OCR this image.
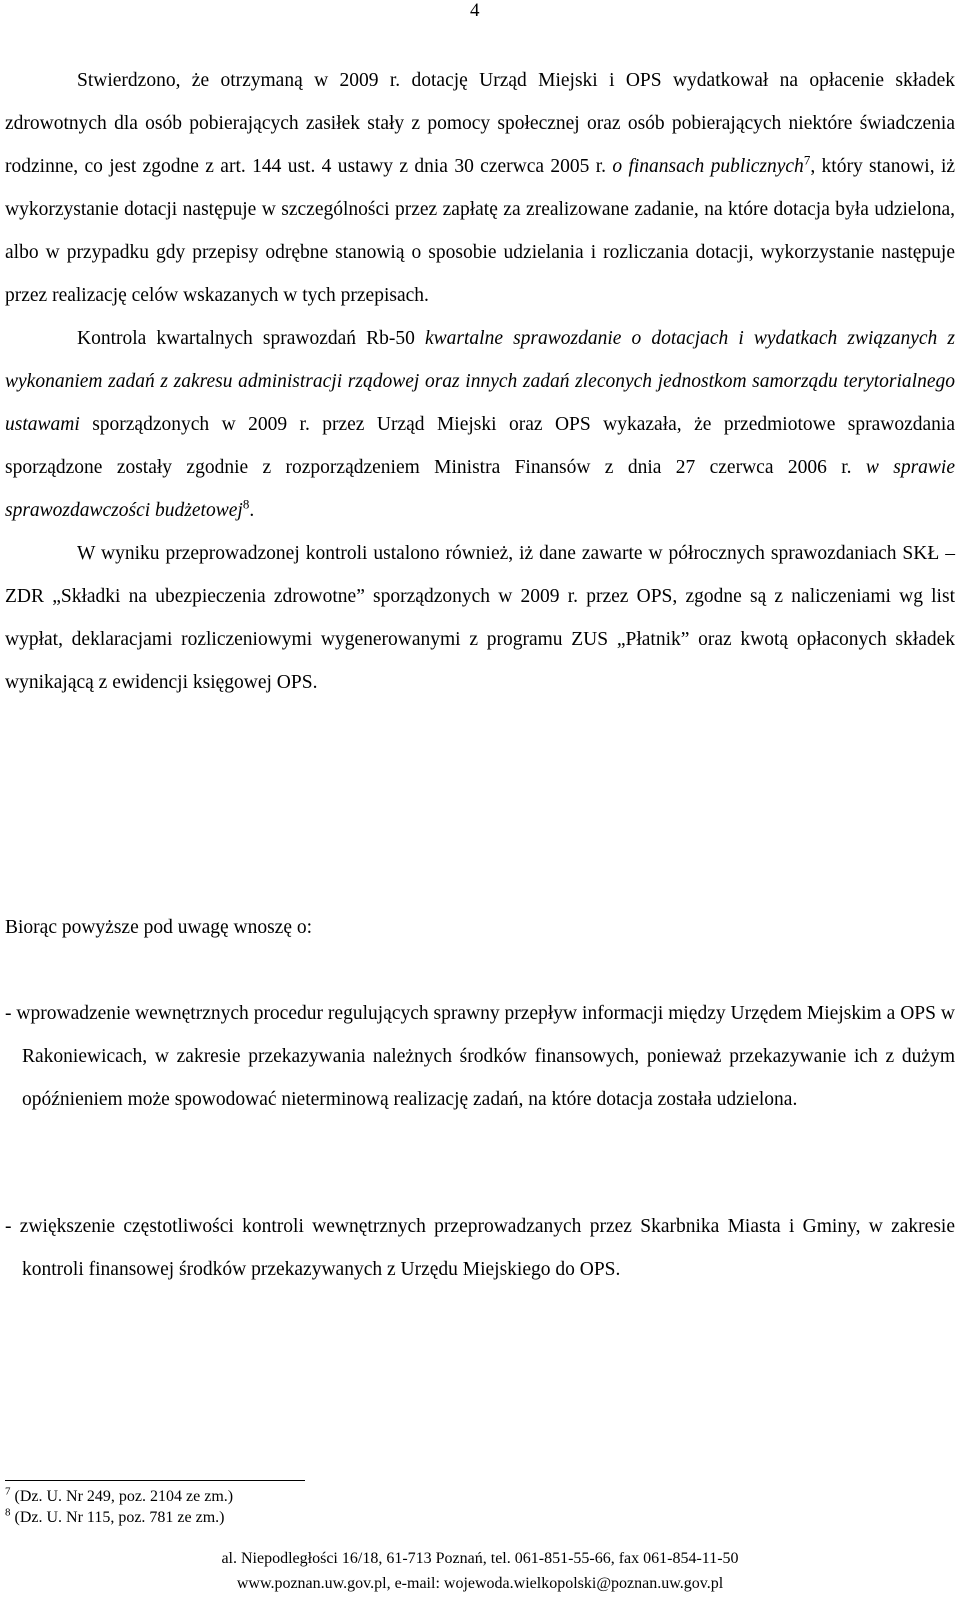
4

Stwierdzono, że otrzymaną w 2009 r. dotację Urząd Miejski i OPS wydatkował na opłacenie składek zdrowotnych dla osób pobierających zasiłek stały z pomocy społecznej oraz osób pobierających niektóre świadczenia rodzinne, co jest zgodne z art. 144 ust. 4 ustawy z dnia 30 czerwca 2005 r. o finansach publicznych$^7$, który stanowi, iż wykorzystanie dotacji następuje w szczególności przez zapłatę za zrealizowane zadanie, na które dotacja była udzielona, albo w przypadku gdy przepisy odrębne stanowią o sposobie udzielania i rozliczania dotacji, wykorzystanie następuje przez realizację celów wskazanych w tych przepisach.

Kontrola kwartalnych sprawozdań Rb-50 kwartalne sprawozdanie o dotacjach i wydatkach związanych z wykonaniem zadań z zakresu administracji rządowej oraz innych zadań zleconych jednostkom samorządu terytorialnego ustawami sporządzonych w 2009 r. przez Urząd Miejski oraz OPS wykazała, że przedmiotowe sprawozdania sporządzone zostały zgodnie z rozporządzeniem Ministra Finansów z dnia 27 czerwca 2006 r. w sprawie sprawozdawczości budżetowej$^8$.

W wyniku przeprowadzonej kontroli ustalono również, iż dane zawarte w półrocznych sprawozdaniach SKŁ – ZDR „Składki na ubezpieczenia zdrowotne” sporządzonych w 2009 r. przez OPS, zgodne są z naliczeniami wg list wypłat, deklaracjami rozliczeniowymi wygenerowanymi z programu ZUS „Płatnik” oraz kwotą opłaconych składek wynikającą z ewidencji księgowej OPS.

Biorąc powyższe pod uwagę wnoszę o:
- wprowadzenie wewnętrznych procedur regulujących sprawny przepływ informacji między Urzędem Miejskim a OPS w Rakoniewicach, w zakresie przekazywania należnych środków finansowych, ponieważ przekazywanie ich z dużym opóźnieniem może spowodować nieterminową realizację zadań, na które dotacja została udzielona.
- zwiększenie częstotliwości kontroli wewnętrznych przeprowadzanych przez Skarbnika Miasta i Gminy, w zakresie kontroli finansowej środków przekazywanych z Urzędu Miejskiego do OPS.
$^7$ (Dz. U. Nr 249, poz. 2104 ze zm.)
$^8$ (Dz. U. Nr 115, poz. 781 ze zm.)
al. Niepodległości 16/18, 61-713 Poznań, tel. 061-851-55-66, fax 061-854-11-50
www.poznan.uw.gov.pl, e-mail: wojewoda.wielkopolski@poznan.uw.gov.pl
